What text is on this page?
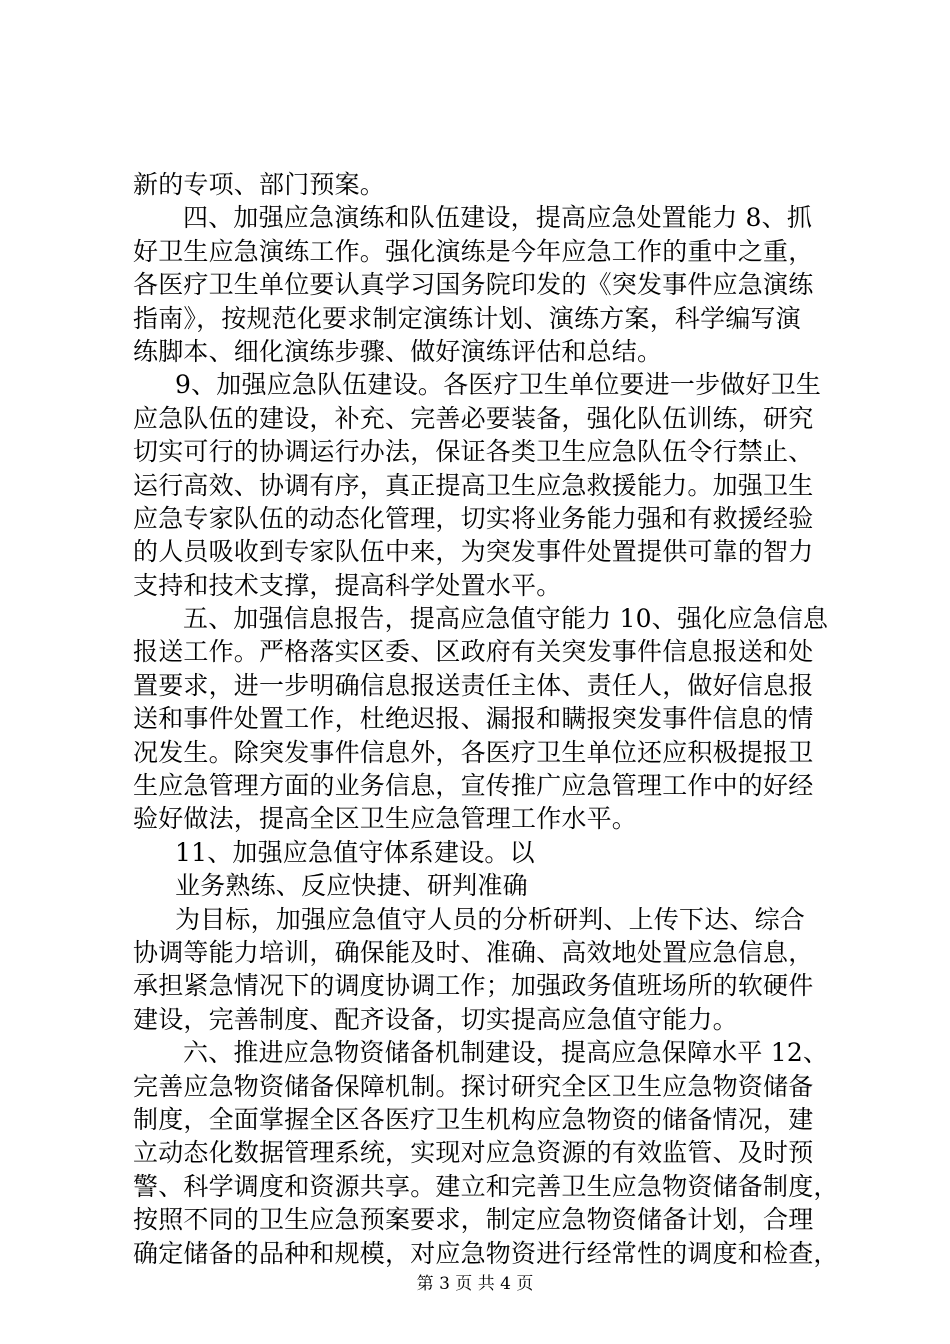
新的专项、部门预案。
四、加强应急演练和队伍建设，提高应急处置能力 8、抓
好卫生应急演练工作。强化演练是今年应急工作的重中之重，
各医疗卫生单位要认真学习国务院印发的《突发事件应急演练
指南》，按规范化要求制定演练计划、演练方案，科学编写演
练脚本、细化演练步骤、做好演练评估和总结。
9、加强应急队伍建设。各医疗卫生单位要进一步做好卫生
应急队伍的建设，补充、完善必要装备，强化队伍训练，研究
切实可行的协调运行办法，保证各类卫生应急队伍令行禁止、
运行高效、协调有序，真正提高卫生应急救援能力。加强卫生
应急专家队伍的动态化管理，切实将业务能力强和有救援经验
的人员吸收到专家队伍中来，为突发事件处置提供可靠的智力
支持和技术支撑，提高科学处置水平。
五、加强信息报告，提高应急值守能力 10、强化应急信息
报送工作。严格落实区委、区政府有关突发事件信息报送和处
置要求，进一步明确信息报送责任主体、责任人，做好信息报
送和事件处置工作，杜绝迟报、漏报和瞒报突发事件信息的情
况发生。除突发事件信息外，各医疗卫生单位还应积极提报卫
生应急管理方面的业务信息，宣传推广应急管理工作中的好经
验好做法，提高全区卫生应急管理工作水平。
11、加强应急值守体系建设。以
业务熟练、反应快捷、研判准确
为目标，加强应急值守人员的分析研判、上传下达、综合
协调等能力培训，确保能及时、准确、高效地处置应急信息，
承担紧急情况下的调度协调工作；加强政务值班场所的软硬件
建设，完善制度、配齐设备，切实提高应急值守能力。
六、推进应急物资储备机制建设，提高应急保障水平 12、
完善应急物资储备保障机制。探讨研究全区卫生应急物资储备
制度，全面掌握全区各医疗卫生机构应急物资的储备情况，建
立动态化数据管理系统，实现对应急资源的有效监管、及时预
警、科学调度和资源共享。建立和完善卫生应急物资储备制度，
按照不同的卫生应急预案要求，制定应急物资储备计划，合理
确定储备的品种和规模，对应急物资进行经常性的调度和检查，
第 3 页 共 4 页
